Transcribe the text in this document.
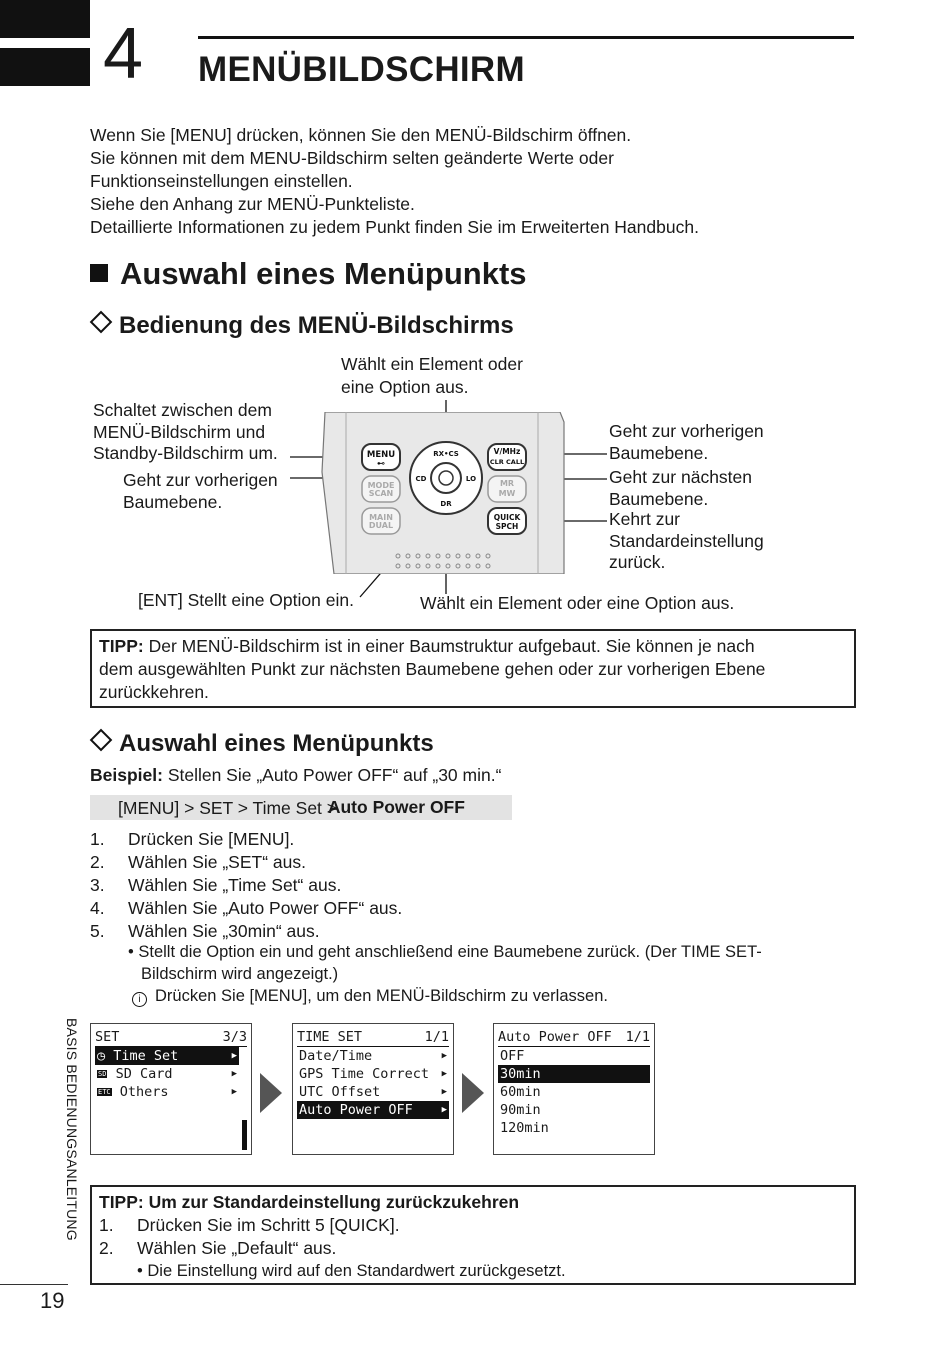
4 MENÜBILDSCHIRM
Wenn Sie [MENU] drücken, können Sie den MENÜ-Bildschirm öffnen.
Sie können mit dem MENU-Bildschirm selten geänderte Werte oder
Funktionseinstellungen einstellen.
Siehe den Anhang zur MENÜ-Punkteliste.
Detaillierte Informationen zu jedem Punkt finden Sie im Erweiterten Handbuch.
Auswahl eines Menüpunkts
Bedienung des MENÜ-Bildschirms
Wählt ein Element oder
eine Option aus.
Schaltet zwischen dem
MENÜ-Bildschirm und
Standby-Bildschirm um.
Geht zur vorherigen
Baumebene.
[ENT] Stellt eine Option ein.	Wählt ein Element oder eine Option aus.
Geht zur vorherigen
Baumebene.
Geht zur nächsten
Baumebene.
Kehrt zur
Standardeinstellung
zurück.
MENU
⊷
MODE
SCAN
MAIN
DUAL
V/MHz
CLR CALL
MR
MW
QUICK
SPCH
RX•CS
CD	LO
DR
TIPP: Der MENÜ-Bildschirm ist in einer Baumstruktur aufgebaut. Sie können je nach
dem ausgewählten Punkt zur nächsten Baumebene gehen oder zur vorherigen Ebene
zurückkehren.
Auswahl eines Menüpunkts
Beispiel: Stellen Sie „Auto Power OFF“ auf „30 min.“
[MENU] > SET > Time Set > Auto Power OFF
1. Drücken Sie [MENU].
2. Wählen Sie „SET“ aus.
3. Wählen Sie „Time Set“ aus.
4. Wählen Sie „Auto Power OFF“ aus.
5. Wählen Sie „30min“ aus.
• Stellt die Option ein und geht anschließend eine Baumebene zurück. (Der TIME SET-
Bildschirm wird angezeigt.)
i Drücken Sie [MENU], um den MENÜ-Bildschirm zu verlassen.
SET	3/3
◷ Time Set	▶
SD SD Card	▶
ETC Others	▶
TIME SET	1/1
Date/Time	▶
GPS Time Correct ▶
UTC Offset	▶
Auto Power OFF	▶
Auto Power OFF 1/1
OFF
30min
60min
90min
120min
TIPP: Um zur Standardeinstellung zurückzukehren
1. Drücken Sie im Schritt 5 [QUICK].
2. Wählen Sie „Default“ aus.
• Die Einstellung wird auf den Standardwert zurückgesetzt.
BASIS BEDIENUNGSANLEITUNG
19
